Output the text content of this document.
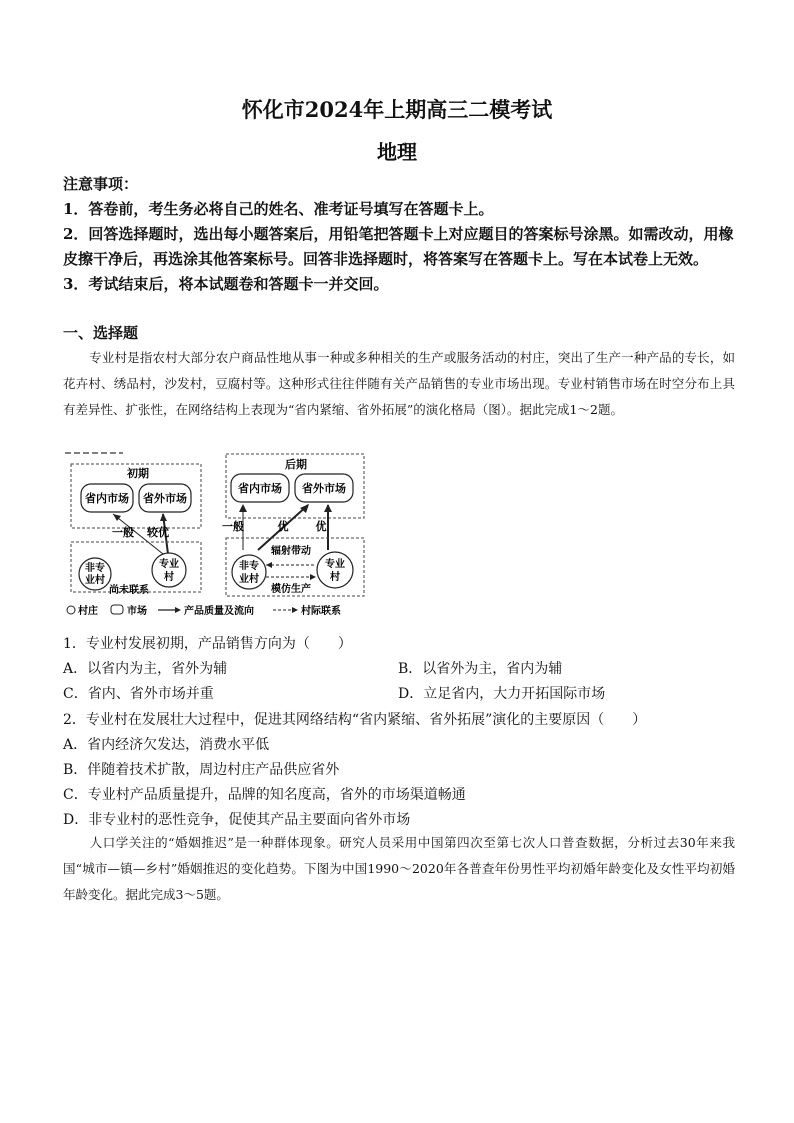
怀化市2024年上期高三二模考试
地理

注意事项：

1．答卷前，考生务必将自己的姓名、准考证号填写在答题卡上。

2．回答选择题时，选出每小题答案后，用铅笔把答题卡上对应题目的答案标号涂黑。如需改动，用橡皮擦干净后，再选涂其他答案标号。回答非选择题时，将答案写在答题卡上。写在本试卷上无效。

3．考试结束后，将本试题卷和答题卡一并交回。

一、选择题
专业村是指农村大部分农户商品性地从事一种或多种相关的生产或服务活动的村庄，突出了生产一种产品的专长，如花卉村、绣品村，沙发村，豆腐村等。这种形式往往伴随有关产品销售的专业市场出现。专业村销售市场在时空分布上具有差异性、扩张性，在网络结构上表现为“省内紧缩、省外拓展”的演化格局（图）。据此完成1～2题。
初期
省内市场 省外市场
一般 较优
非专
业村
专业
村
尚未联系
后期
省内市场 省外市场
一般	优 优
非专
业村
专业
村
辐射带动
模仿生产
村庄	市场	产品质量及流向	村际联系
1．专业村发展初期，产品销售方向为（　　）
A．以省内为主，省外为辅	B．以省外为主，省内为辅
C．省内、省外市场并重	D．立足省内，大力开拓国际市场
2．专业村在发展壮大过程中，促进其网络结构“省内紧缩、省外拓展”演化的主要原因（　　）
A．省内经济欠发达，消费水平低
B．伴随着技术扩散，周边村庄产品供应省外
C．专业村产品质量提升，品牌的知名度高，省外的市场渠道畅通
D．非专业村的恶性竞争，促使其产品主要面向省外市场
人口学关注的“婚姻推迟”是一种群体现象。研究人员采用中国第四次至第七次人口普查数据，分析过去30年来我国“城市—镇—乡村”婚姻推迟的变化趋势。下图为中国1990～2020年各普查年份男性平均初婚年龄变化及女性平均初婚年龄变化。据此完成3～5题。
